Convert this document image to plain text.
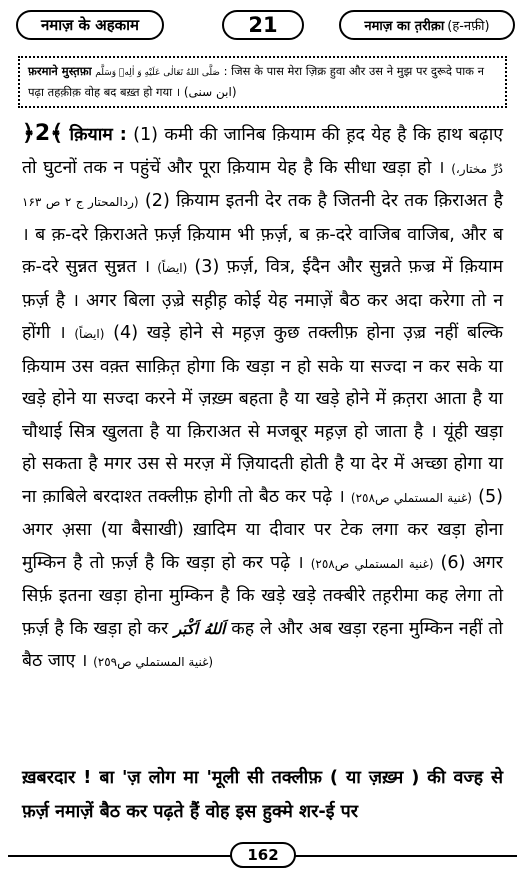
नमाज़ के अहकाम	21	नमाज़ का त़रीक़ा (ह-नफ़ी)
फ़रमाने मुस्त़फ़ा صَلَّى اللهُ تَعَالٰى عَلَيْهِ وَ اٰلِهٖ وَسَلَّم : जिस के पास मेरा ज़िक्र हुवा और उस ने मुझ पर दुरूदे पाक न पढ़ा तहक़ीक़ वोह बद बख़्त हो गया । (ابن سنی)

﴿2﴾ क़ियाम : (1) कमी की जानिब क़ियाम की ह़द येह है कि हाथ बढ़ाए तो घुटनों तक न पहुंचें और पूरा क़ियाम येह है कि सीधा खड़ा हो । (دُرِّ مختار، ردالمحتار ج ۲ ص ۱۶۳) (2) क़ियाम इतनी देर तक है जितनी देर तक क़िराअत है । ब क़-दरे क़िराअते फ़र्ज़ क़ियाम भी फ़र्ज़, ब क़-दरे वाजिब वाजिब, और ब क़-दरे सुन्नत सुन्नत । (ایضاً) (3) फ़र्ज़, वित्र, ईदैन और सुन्नते फ़ज्र में क़ियाम फ़र्ज़ है । अगर बिला उ़ज़्रे सह़ीह़ कोई येह नमाज़ें बैठ कर अदा करेगा तो न होंगी । (ایضاً) (4) खड़े होने से मह़ज़ कुछ तक्लीफ़ होना उ़ज़्र नहीं बल्कि क़ियाम उस वक़्त साक़ित़ होगा कि खड़ा न हो सके या सज्दा न कर सके या खड़े होने या सज्दा करने में ज़ख़्म बहता है या खड़े होने में क़त़रा आता है या चौथाई सित्र खुलता है या क़िराअत से मजबूर मह़ज़ हो जाता है । यूंही खड़ा हो सकता है मगर उस से मरज़ में ज़ियादती होती है या देर में अच्छा होगा या ना क़ाबिले बरदाश्त तक्लीफ़ होगी तो बैठ कर पढ़े । (غنية المستملي ص٢٥٨) (5) अगर अ़सा (या बैसाखी) ख़ादिम या दीवार पर टेक लगा कर खड़ा होना मुम्किन है तो फ़र्ज़ है कि खड़ा हो कर पढ़े । (غنية المستملي ص٢٥٨) (6) अगर सिर्फ़ इतना खड़ा होना मुम्किन है कि खड़े खड़े तक्बीरे तह़रीमा कह लेगा तो फ़र्ज़ है कि खड़ा हो कर اَللهُ اَكْبَر कह ले और अब खड़ा रहना मुम्किन नहीं तो बैठ जाए । (غنية المستملي ص٢٥٩)

ख़बरदार ! बा 'ज़ लोग मा 'मूली सी तक्लीफ़ ( या ज़ख़्म ) की वज्ह से फ़र्ज़ नमाज़ें बैठ कर पढ़ते हैं वोह इस हुक्मे शर-ई पर
162
